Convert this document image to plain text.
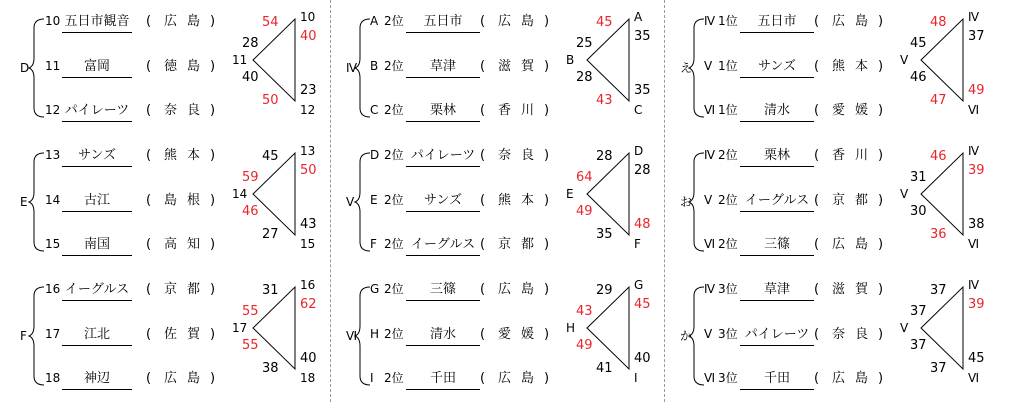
D
10 五日市観音 ( 広島 )
11	富岡	( 徳島 )
12 パイレーツ ( 奈良 )
10
11
12
54
28	40
40
50
23
E
13	サンズ	( 熊本 )
14	古江	( 島根 )
15	南国	( 高知 )
13
14
15
45
59	50
46
27
43
F
16 イーグルス ( 京都 )
17	江北	( 佐賀 )
18	神辺	( 広島 )
16
17
18
31
55	62
55
38
40
Ⅳ
A 2位	五日市	( 広島 )
B 2位	草津	( 滋賀 )
C 2位	栗林	( 香川 )
A
B
C
45
25	35
28
43
35
Ⅴ
D 2位 パイレーツ ( 奈良 )
E 2位	サンズ	( 熊本 )
F 2位 イーグルス ( 京都 )
D
E
F
28
64	28
49
35
48
Ⅵ
G 2位	三篠	( 広島 )
H 2位	清水	( 愛媛 )
I 2位	千田	( 広島 )
G
H
I
29
43	45
49
41
40
え
Ⅳ 1位	五日市	( 広島 )
Ⅴ 1位	サンズ	( 熊本 )
Ⅵ 1位	清水	( 愛媛 )
Ⅳ
Ⅴ
Ⅵ
48
45	37
46
47
49
お
Ⅳ 2位	栗林	( 香川 )
Ⅴ 2位 イーグルス ( 京都 )
Ⅵ 2位	三篠	( 広島 )
Ⅳ
Ⅴ
Ⅵ
46
31	39
30
36
38
か
Ⅳ 3位	草津	( 滋賀 )
Ⅴ 3位 パイレーツ ( 奈良 )
Ⅵ 3位	千田	( 広島 )
Ⅳ
Ⅴ
Ⅵ
37
37	39
37
37
45
